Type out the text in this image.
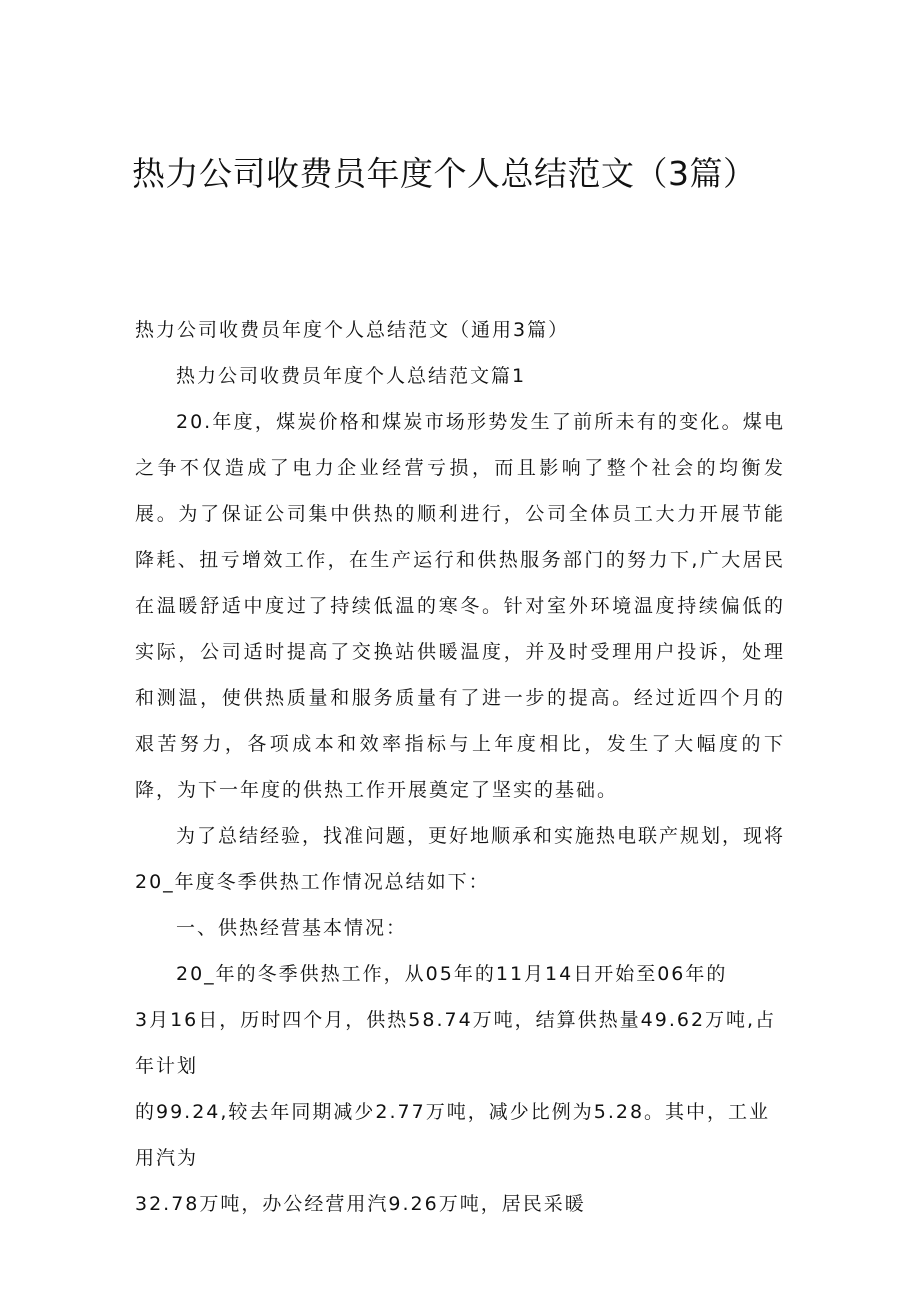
热力公司收费员年度个人总结范文（3篇）

热力公司收费员年度个人总结范文（通用3篇）

热力公司收费员年度个人总结范文篇1

20.年度，煤炭价格和煤炭市场形势发生了前所未有的变化。煤电之争不仅造成了电力企业经营亏损，而且影响了整个社会的均衡发展。为了保证公司集中供热的顺利进行，公司全体员工大力开展节能降耗、扭亏增效工作，在生产运行和供热服务部门的努力下,广大居民在温暖舒适中度过了持续低温的寒冬。针对室外环境温度持续偏低的实际，公司适时提高了交换站供暖温度，并及时受理用户投诉，处理和测温，使供热质量和服务质量有了进一步的提高。经过近四个月的艰苦努力，各项成本和效率指标与上年度相比，发生了大幅度的下降，为下一年度的供热工作开展奠定了坚实的基础。

为了总结经验，找准问题，更好地顺承和实施热电联产规划，现将20_年度冬季供热工作情况总结如下：

一、供热经营基本情况：

20_年的冬季供热工作，从05年的11月14日开始至06年的

3月16日，历时四个月，供热58.74万吨，结算供热量49.62万吨,占年计划

的99.24,较去年同期减少2.77万吨，减少比例为5.28。其中，工业用汽为

32.78万吨，办公经营用汽9.26万吨，居民采暖
